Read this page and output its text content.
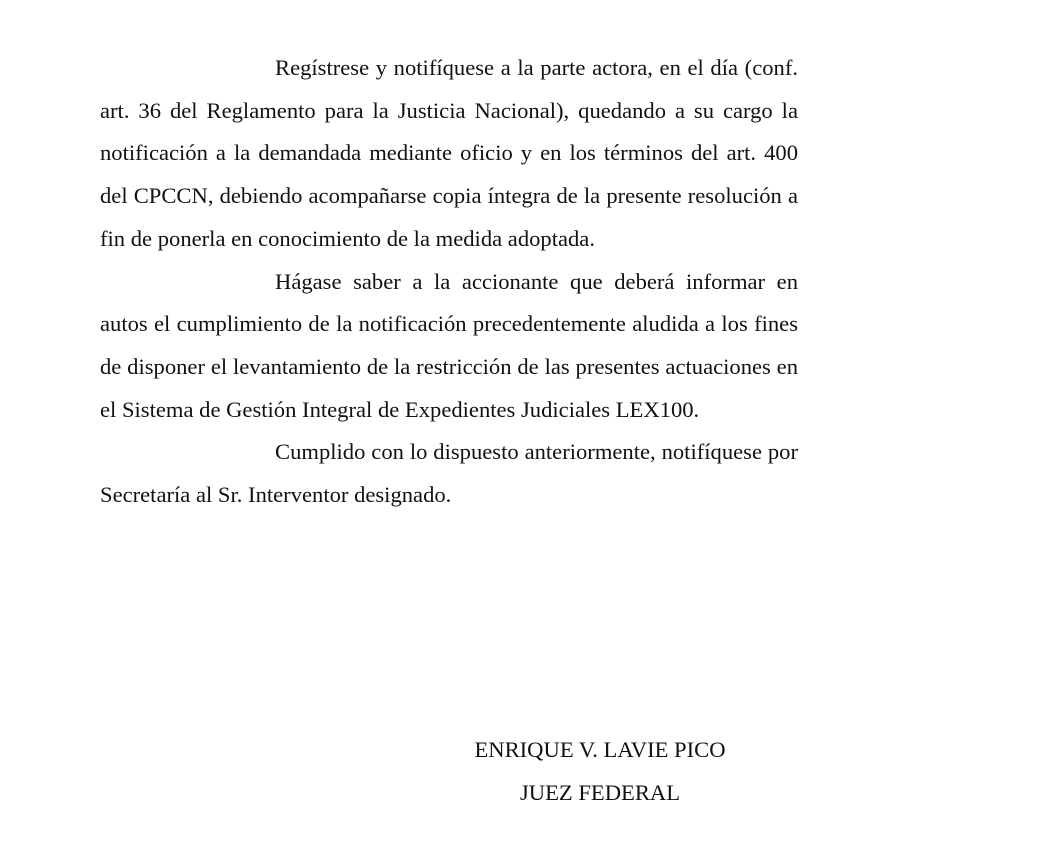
Regístrese y notifíquese a la parte actora, en el día (conf. art. 36 del Reglamento para la Justicia Nacional), quedando a su cargo la notificación a la demandada mediante oficio y en los términos del art. 400 del CPCCN, debiendo acompañarse copia íntegra de la presente resolución a fin de ponerla en conocimiento de la medida adoptada.

Hágase saber a la accionante que deberá informar en autos el cumplimiento de la notificación precedentemente aludida a los fines de disponer el levantamiento de la restricción de las presentes actuaciones en el Sistema de Gestión Integral de Expedientes Judiciales LEX100.

Cumplido con lo dispuesto anteriormente, notifíquese por Secretaría al Sr. Interventor designado.

ENRIQUE V. LAVIE PICO
JUEZ FEDERAL
